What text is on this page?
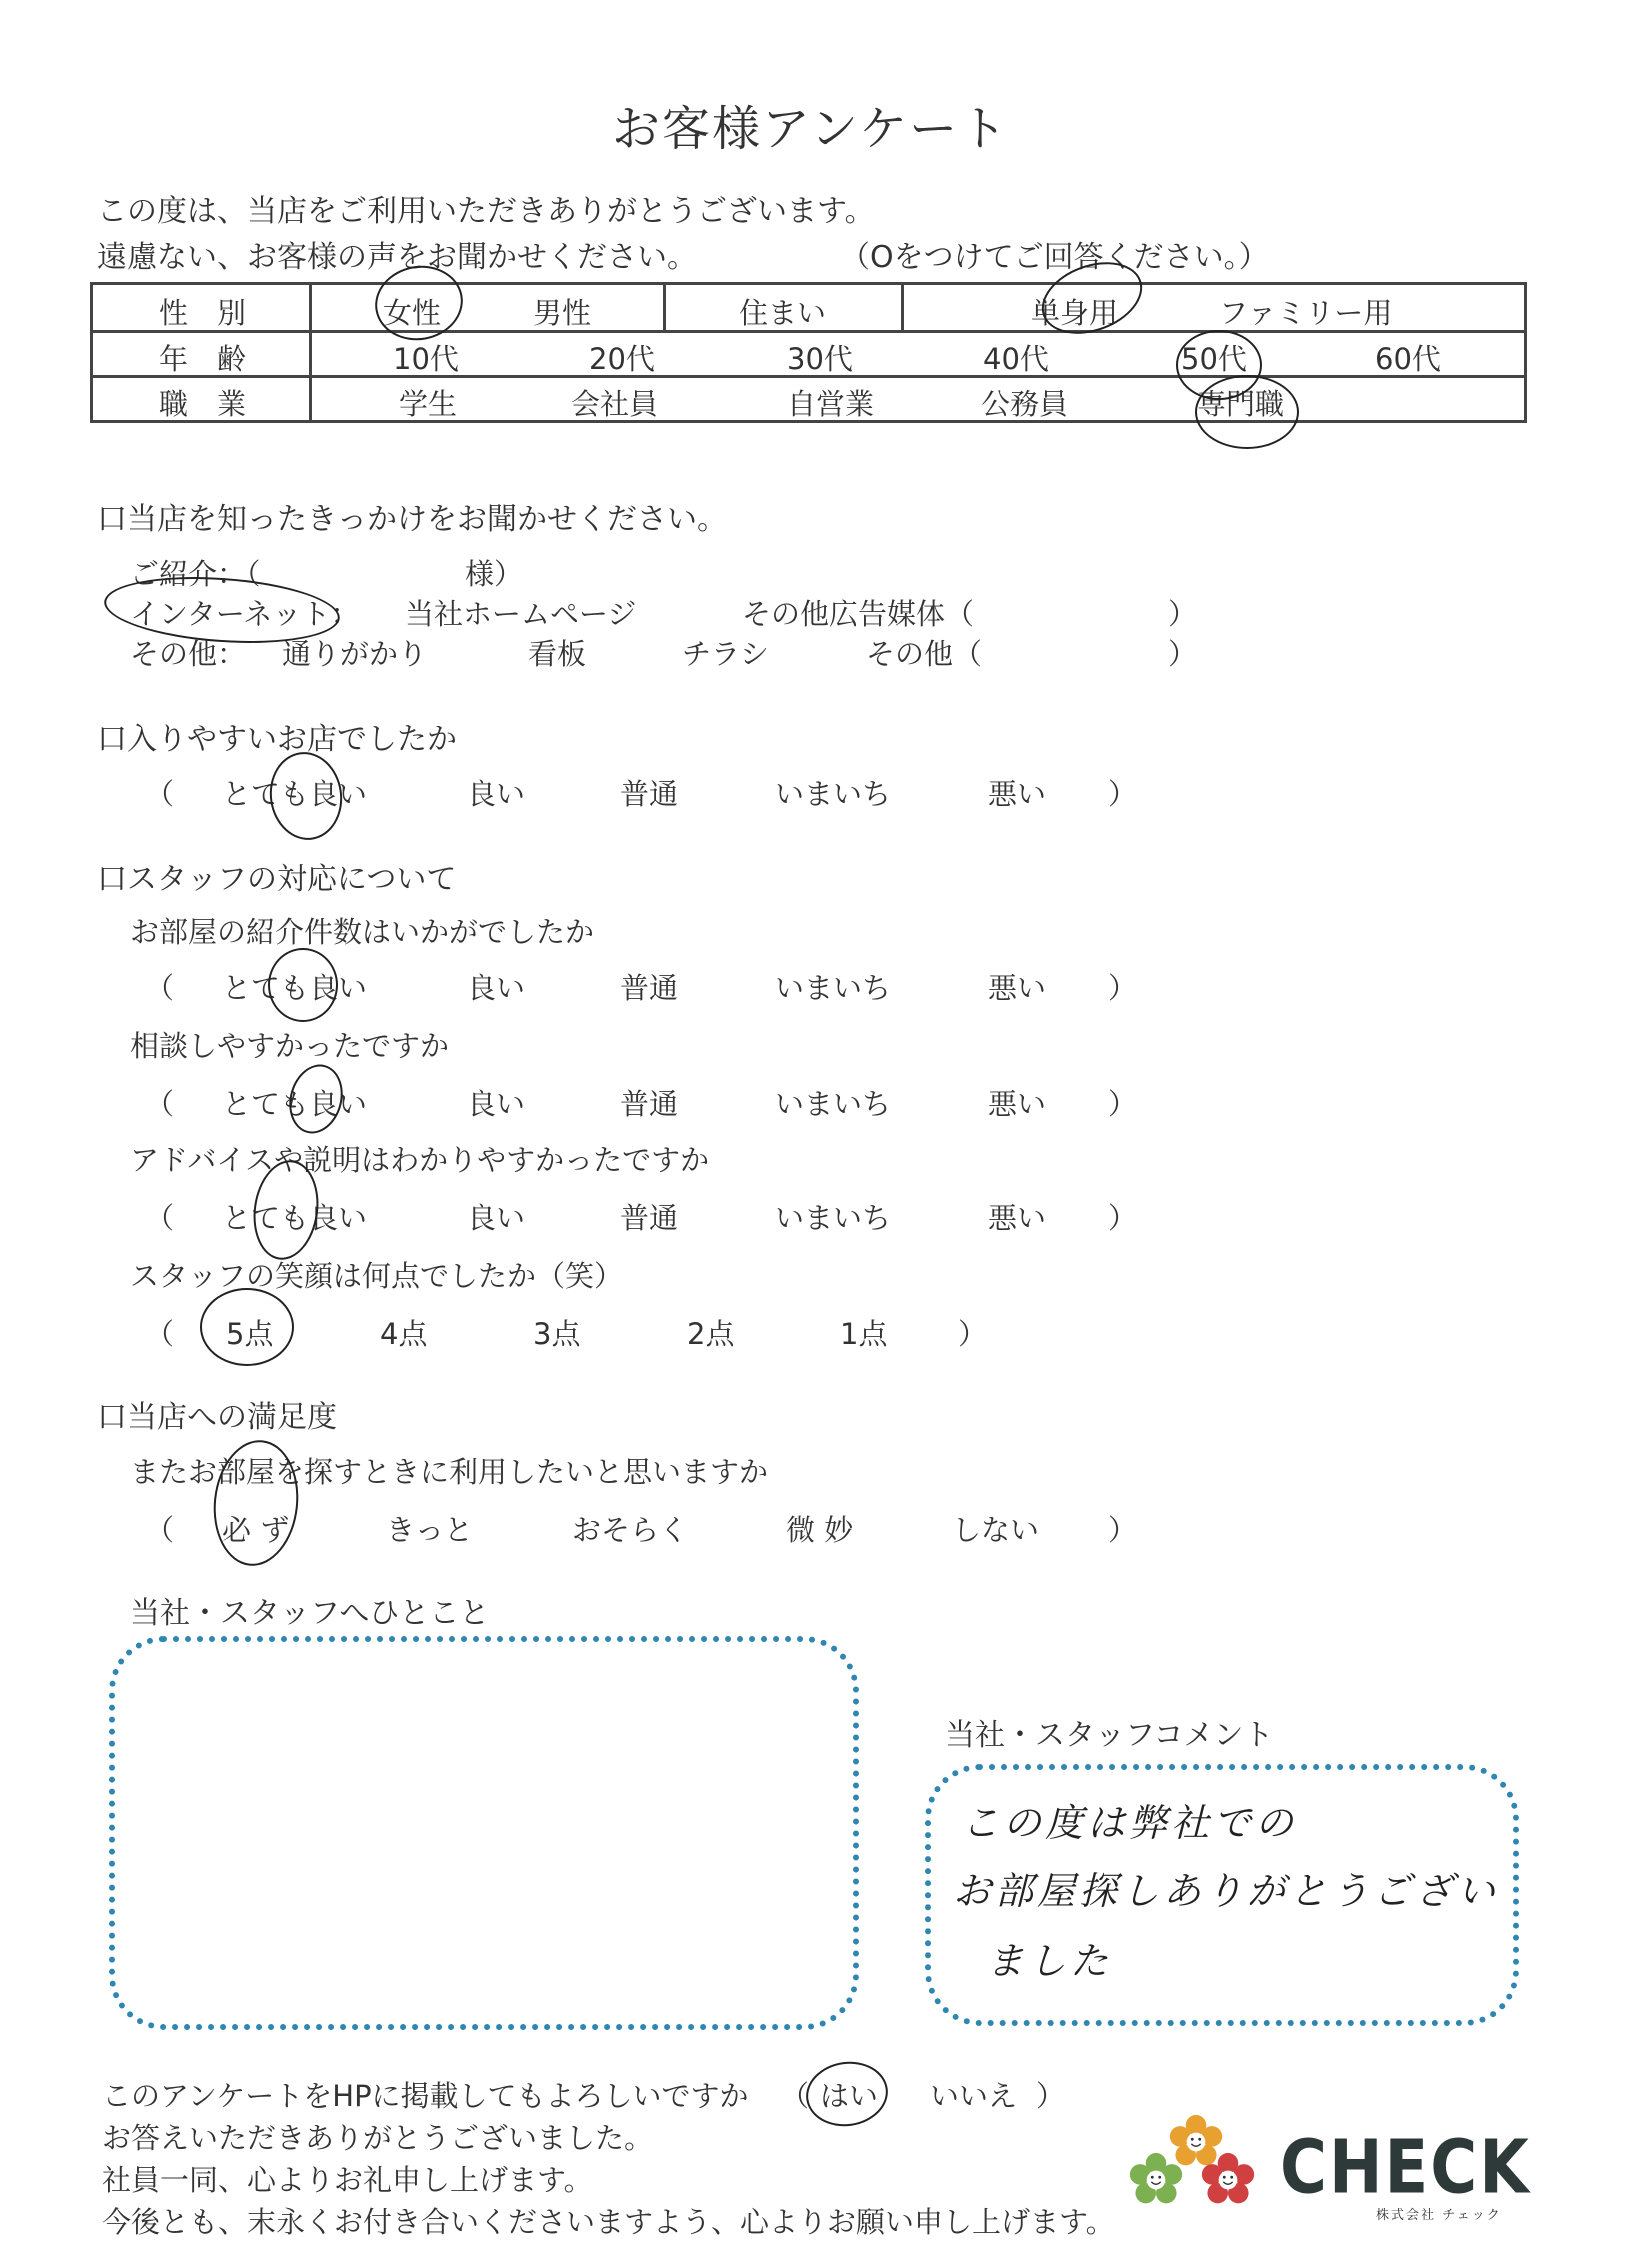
お客様アンケート
この度は、当店をご利用いただきありがとうございます。
遠慮ない、お客様の声をお聞かせください。	（Oをつけてご回答ください。）
性　別	女性	男性	住まい	単身用	ファミリー用
年　齢	10代	20代	30代	40代	50代	60代
職　業	学生	会社員	自営業	公務員	専門職
口当店を知ったきっかけをお聞かせください。
ご紹介：（	様）
インターネット： 当社ホームページ	その他広告媒体（	）
その他： 通りがかり	看板	チラシ	その他（	）
口入りやすいお店でしたか
（ とても良い	良い	普通	いまいち	悪い ）
口スタッフの対応について
お部屋の紹介件数はいかがでしたか
（ とても良い	良い	普通	いまいち	悪い ）
相談しやすかったですか
（ とても良い	良い	普通	いまいち	悪い ）
アドバイスや説明はわかりやすかったですか
（ とても良い	良い	普通	いまいち	悪い ）
スタッフの笑顔は何点でしたか（笑）
（ 5点	4点	3点	2点	1点 ）
口当店への満足度
またお部屋を探すときに利用したいと思いますか
（ 必 ず	きっと	おそらく	微 妙	しない ）
当社・スタッフへひとこと
当社・スタッフコメント
この度は弊社での
お部屋探しありがとうござい
ました
このアンケートをHPに掲載してもよろしいですか （ はい いいえ ）
お答えいただきありがとうございました。
社員一同、心よりお礼申し上げます。
今後とも、末永くお付き合いくださいますよう、心よりお願い申し上げます。
CHECK
株式会社 チェック
